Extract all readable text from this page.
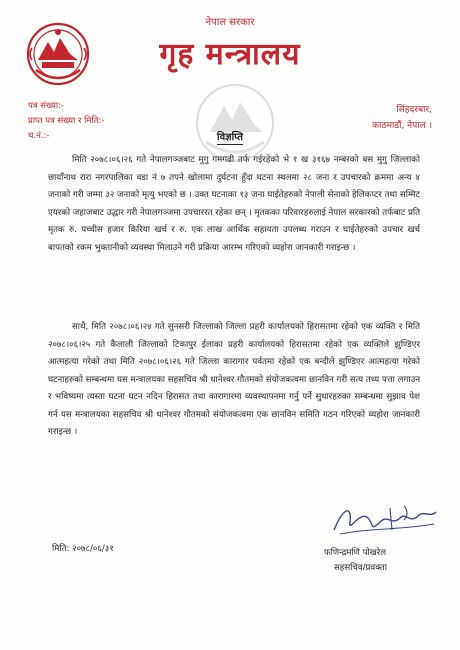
नेपाल सरकार
गृह मन्त्रालय
पत्र संख्या:-
प्राप्त पत्र संख्या र मिति:-
च.नं.:-
सिंहदरबार,
काठमाडौं, नेपाल ।
विज्ञप्ति

मिति २०७८।०६।२६ गते नेपालगञ्जबाट मुगु गमगढी तर्फ गईरहेको भे १ ख ३१६७ नम्बरको बस मुगु जिल्लाको छायाँनाथ रारा नगरपालिका वडा नं ७ तपने खोलामा दुर्घटना हुँदा घटना स्थलमा २८ जना र उपचारको क्रममा अन्य ४ जनाको गरी जम्मा ३२ जनाको मृत्यु भएको छ । उक्त घटनाका १३ जना घाईतेहरुको नेपाली सेनाको हेलिकप्टर तथा सम्मिट एयरको जहाजबाट उद्धार गरी नेपालगञ्जमा उपचाररत रहेका छन् । मृतकका परिवारहरुलाई नेपाल सरकारको तर्फबाट प्रति मृतक रु. पच्चीस हजार किरिया खर्च र रु. एक लाख आर्थिक सहायता उपलब्ध गराउन र घाईतेहरुको उपचार खर्च बापतको रकम भुक्तानीको व्यवस्था मिलाउने गरी प्रक्रिया आरम्भ गरिएको व्यहोरा जानकारी गराइन्छ ।

साथै, मिति २०७८।०६।२४ गते सुनसरी जिल्लाको जिल्ला प्रहरी कार्यालयको हिरासतमा रहेको एक व्यक्ति र मिति २०७८।०६।२५ गते कैलाली जिल्लाको टिकापुर ईलाका प्रहरी कार्यालयको हिरासतमा रहेको एक व्यक्तिले झुण्डिएर आत्महत्या गरेको तथा मिति २०७८।०६।२६ गते जिल्ला कारागार पर्वतमा रहेको एक बन्दीले झुण्डिएर आत्महत्या गरेको घटनाहरुको सम्बन्धमा यस मन्त्रालयका सहसचिव श्री धानेश्वर गौतमको संयोजकत्वमा छानविन गरी सत्य तथ्य पत्ता लगाउन र भविष्यमा त्यस्ता घटना घटन नदिन हिरासत तथा कारागारमा व्यवस्थापनमा गर्नु पर्ने सुधारहरुका सम्बन्धमा सुझाव पेश गर्न यस मन्त्रालयका सहसचिव श्री धानेश्वर गौतमको संयोजकत्वमा एक छानविन समिति गठन गरिएको व्यहोरा जानकारी गराइन्छ ।

मिति: २०७८/०६/३१	फणिन्द्रमणि पोखरेल
सहसचिव/प्रवक्ता
